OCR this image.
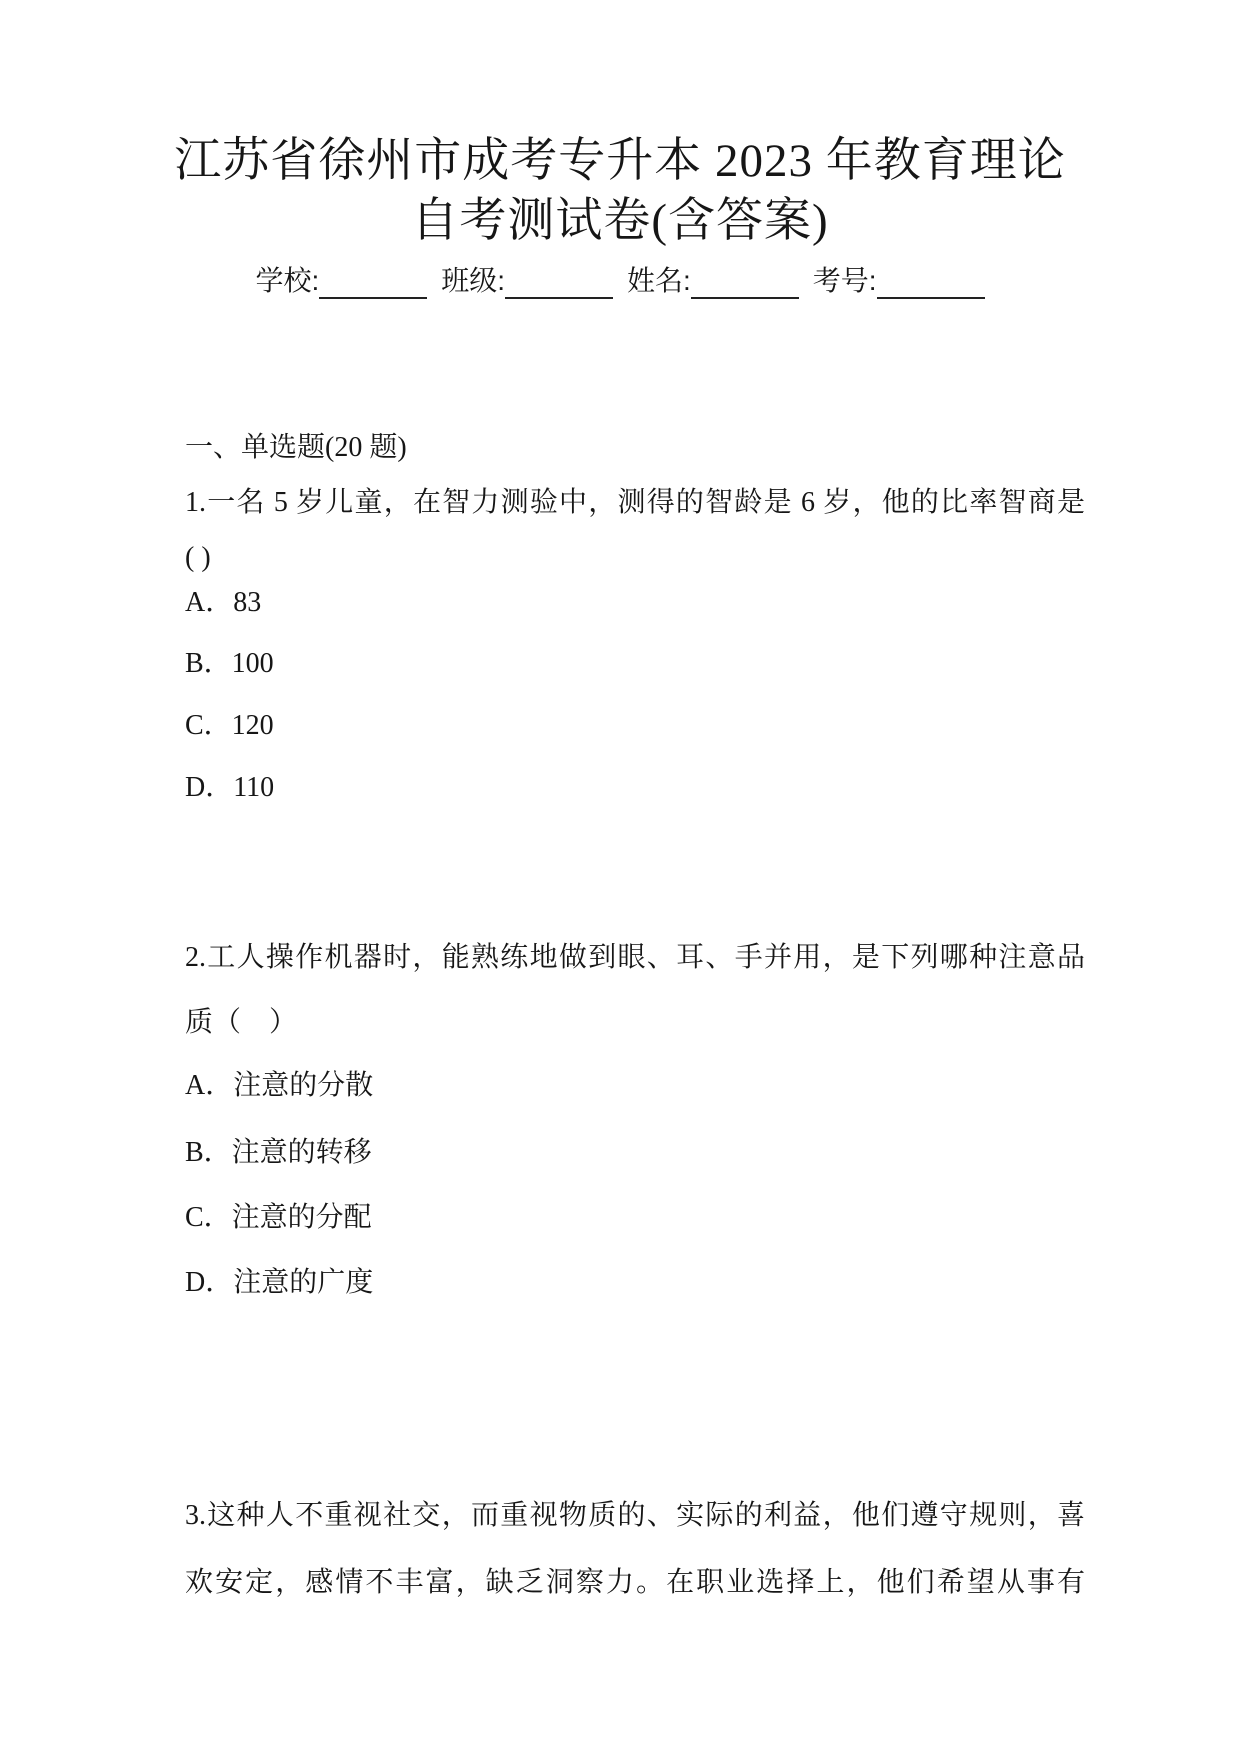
江苏省徐州市成考专升本 2023 年教育理论
自考测试卷(含答案)
学校:	班级:	姓名:	考号:
一、单选题(20 题)
1.一名 5 岁儿童，在智力测验中，测得的智龄是 6 岁，他的比率智商是
( )
A．83
B．100
C．120
D．110
2.工人操作机器时，能熟练地做到眼、耳、手并用，是下列哪种注意品
质（　）
A．注意的分散
B．注意的转移
C．注意的分配
D．注意的广度
3.这种人不重视社交，而重视物质的、实际的利益，他们遵守规则，喜
欢安定，感情不丰富，缺乏洞察力。在职业选择上，他们希望从事有
